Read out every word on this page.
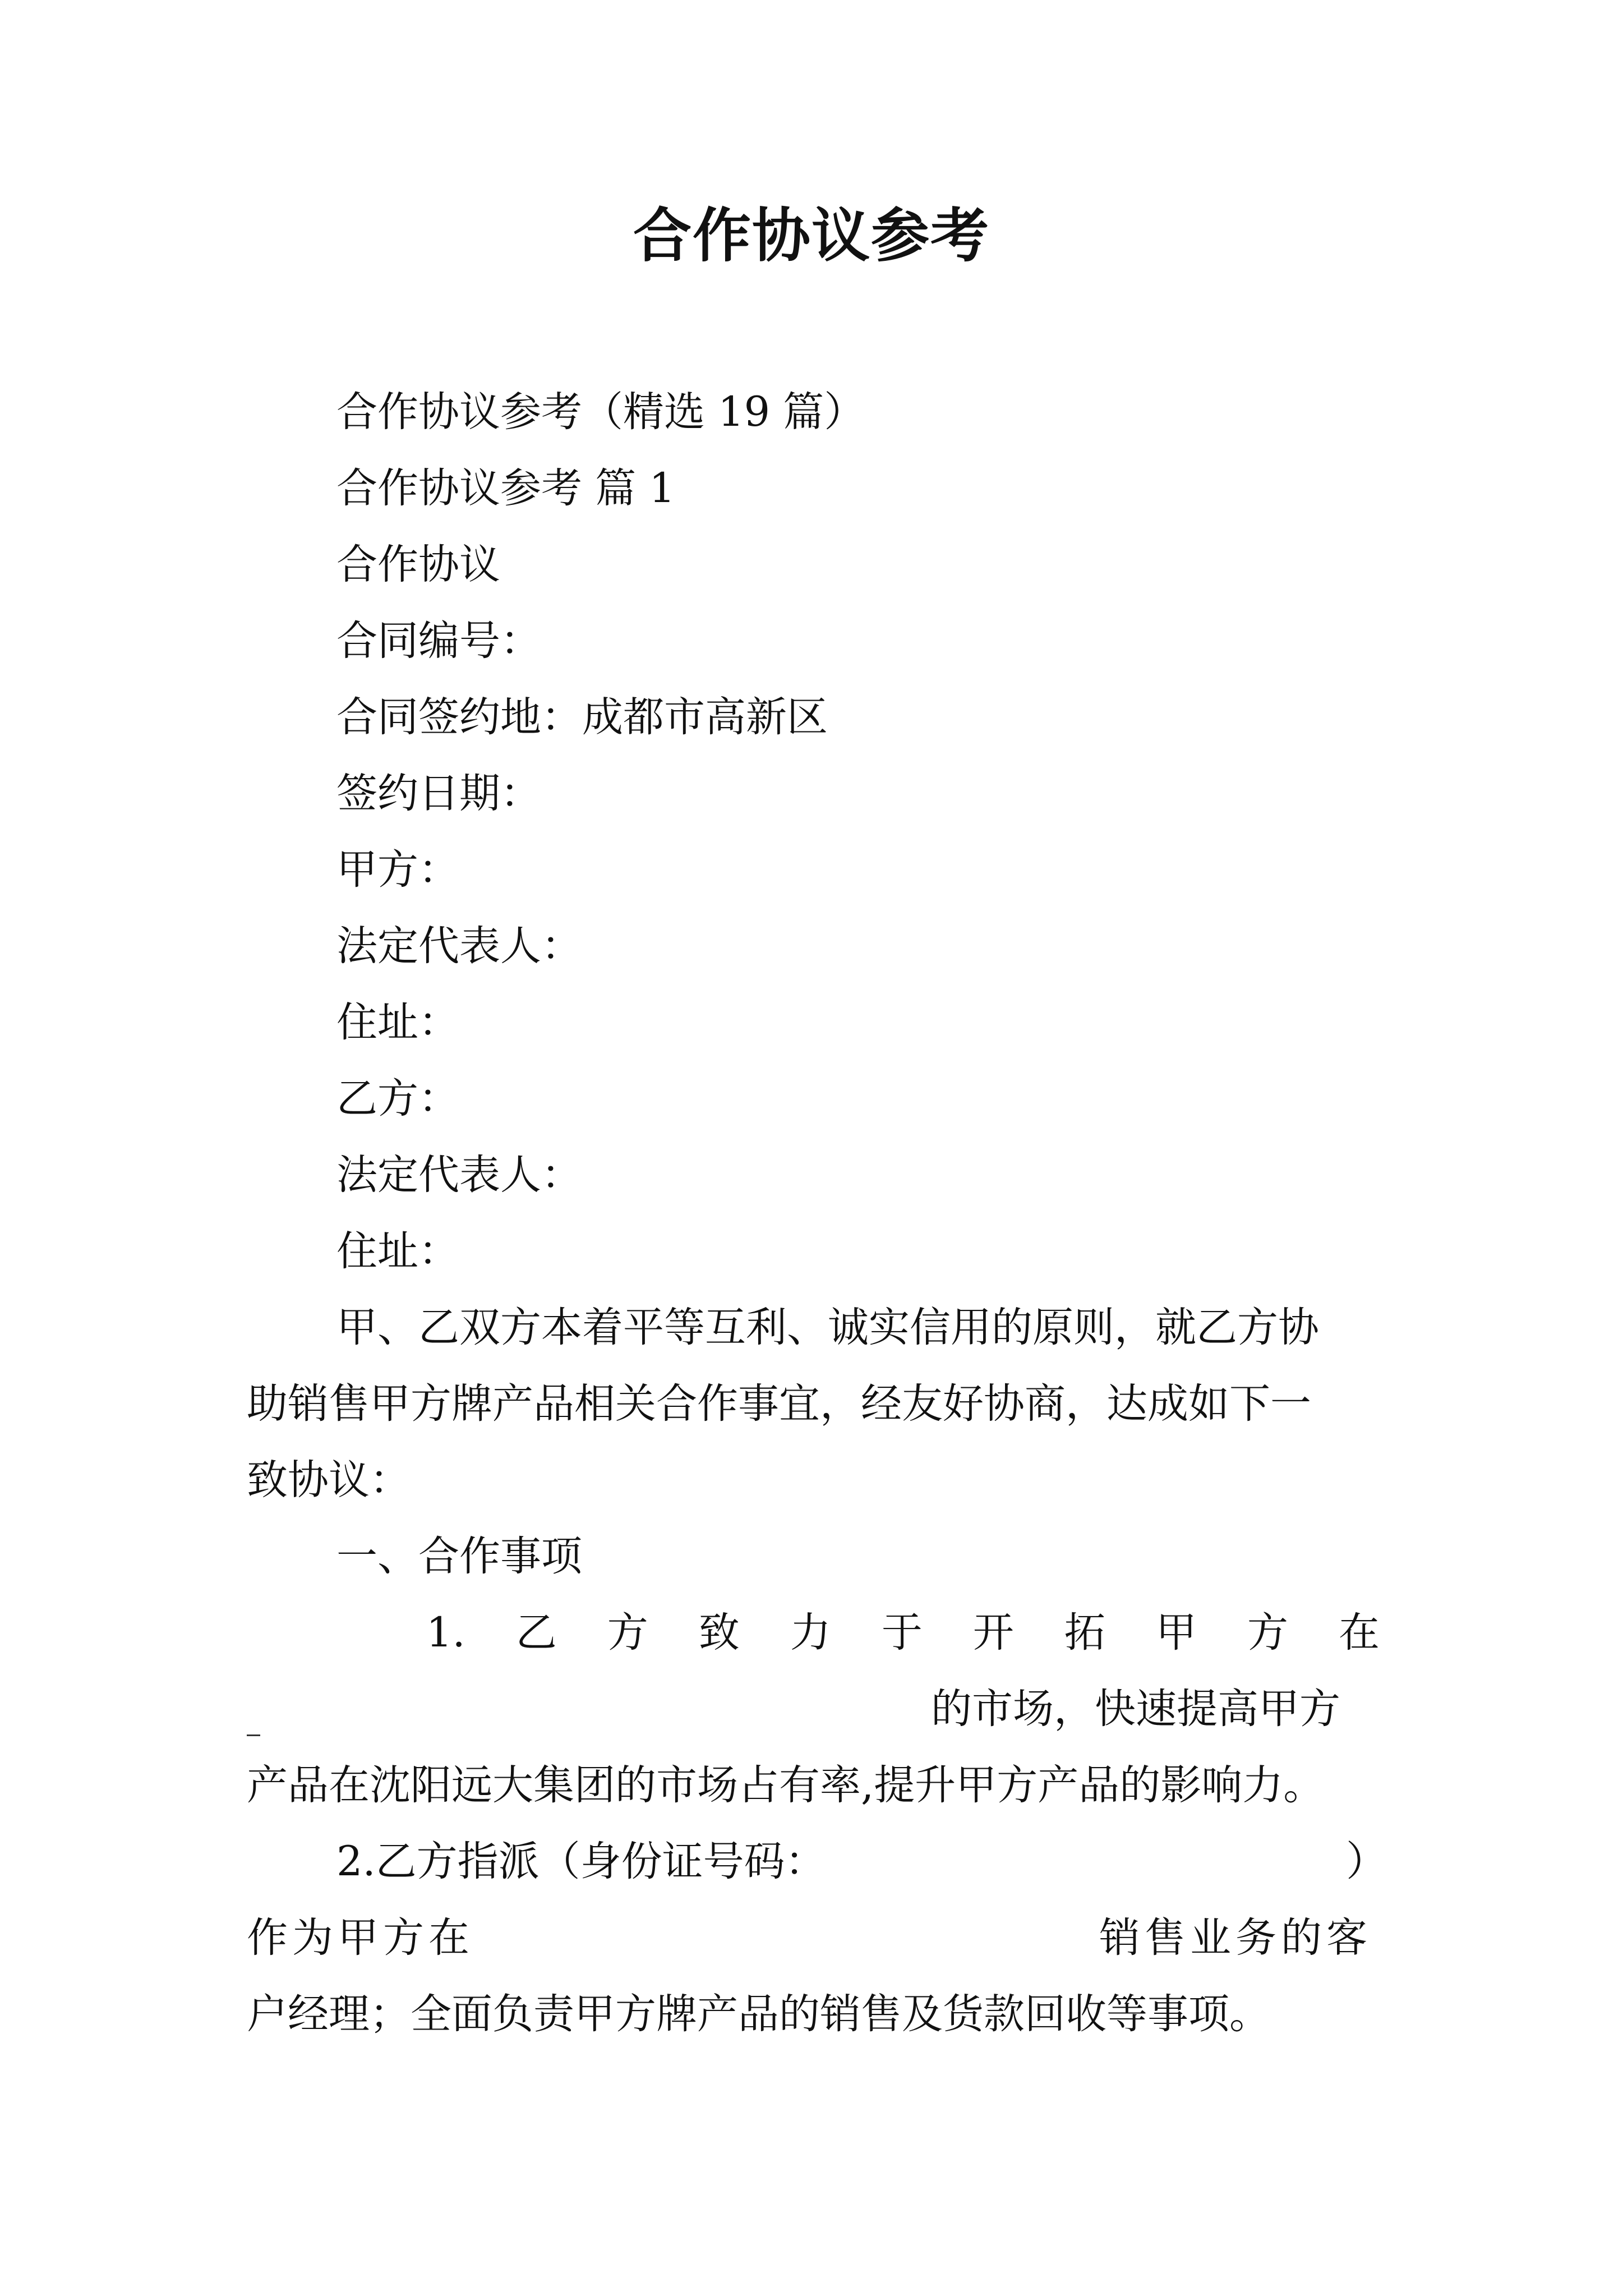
合作协议参考
合作协议参考（精选 19 篇）
合作协议参考 篇 1
合作协议
合同编号：
合同签约地：成都市高新区
签约日期：
甲方：
法定代表人：
住址：
乙方：
法定代表人：
住址：
甲、乙双方本着平等互利、诚实信用的原则，就乙方协
助销售甲方牌产品相关合作事宜，经友好协商，达成如下一
致协议：
一、合作事项
1. 乙 方 致 力 于 开 拓 甲 方 在
的市场，快速提高甲方
产品在沈阳远大集团的市场占有率,提升甲方产品的影响力。
2.乙方指派（身份证号码：	）
作为甲方在	销售业务的客
户经理；全面负责甲方牌产品的销售及货款回收等事项。
